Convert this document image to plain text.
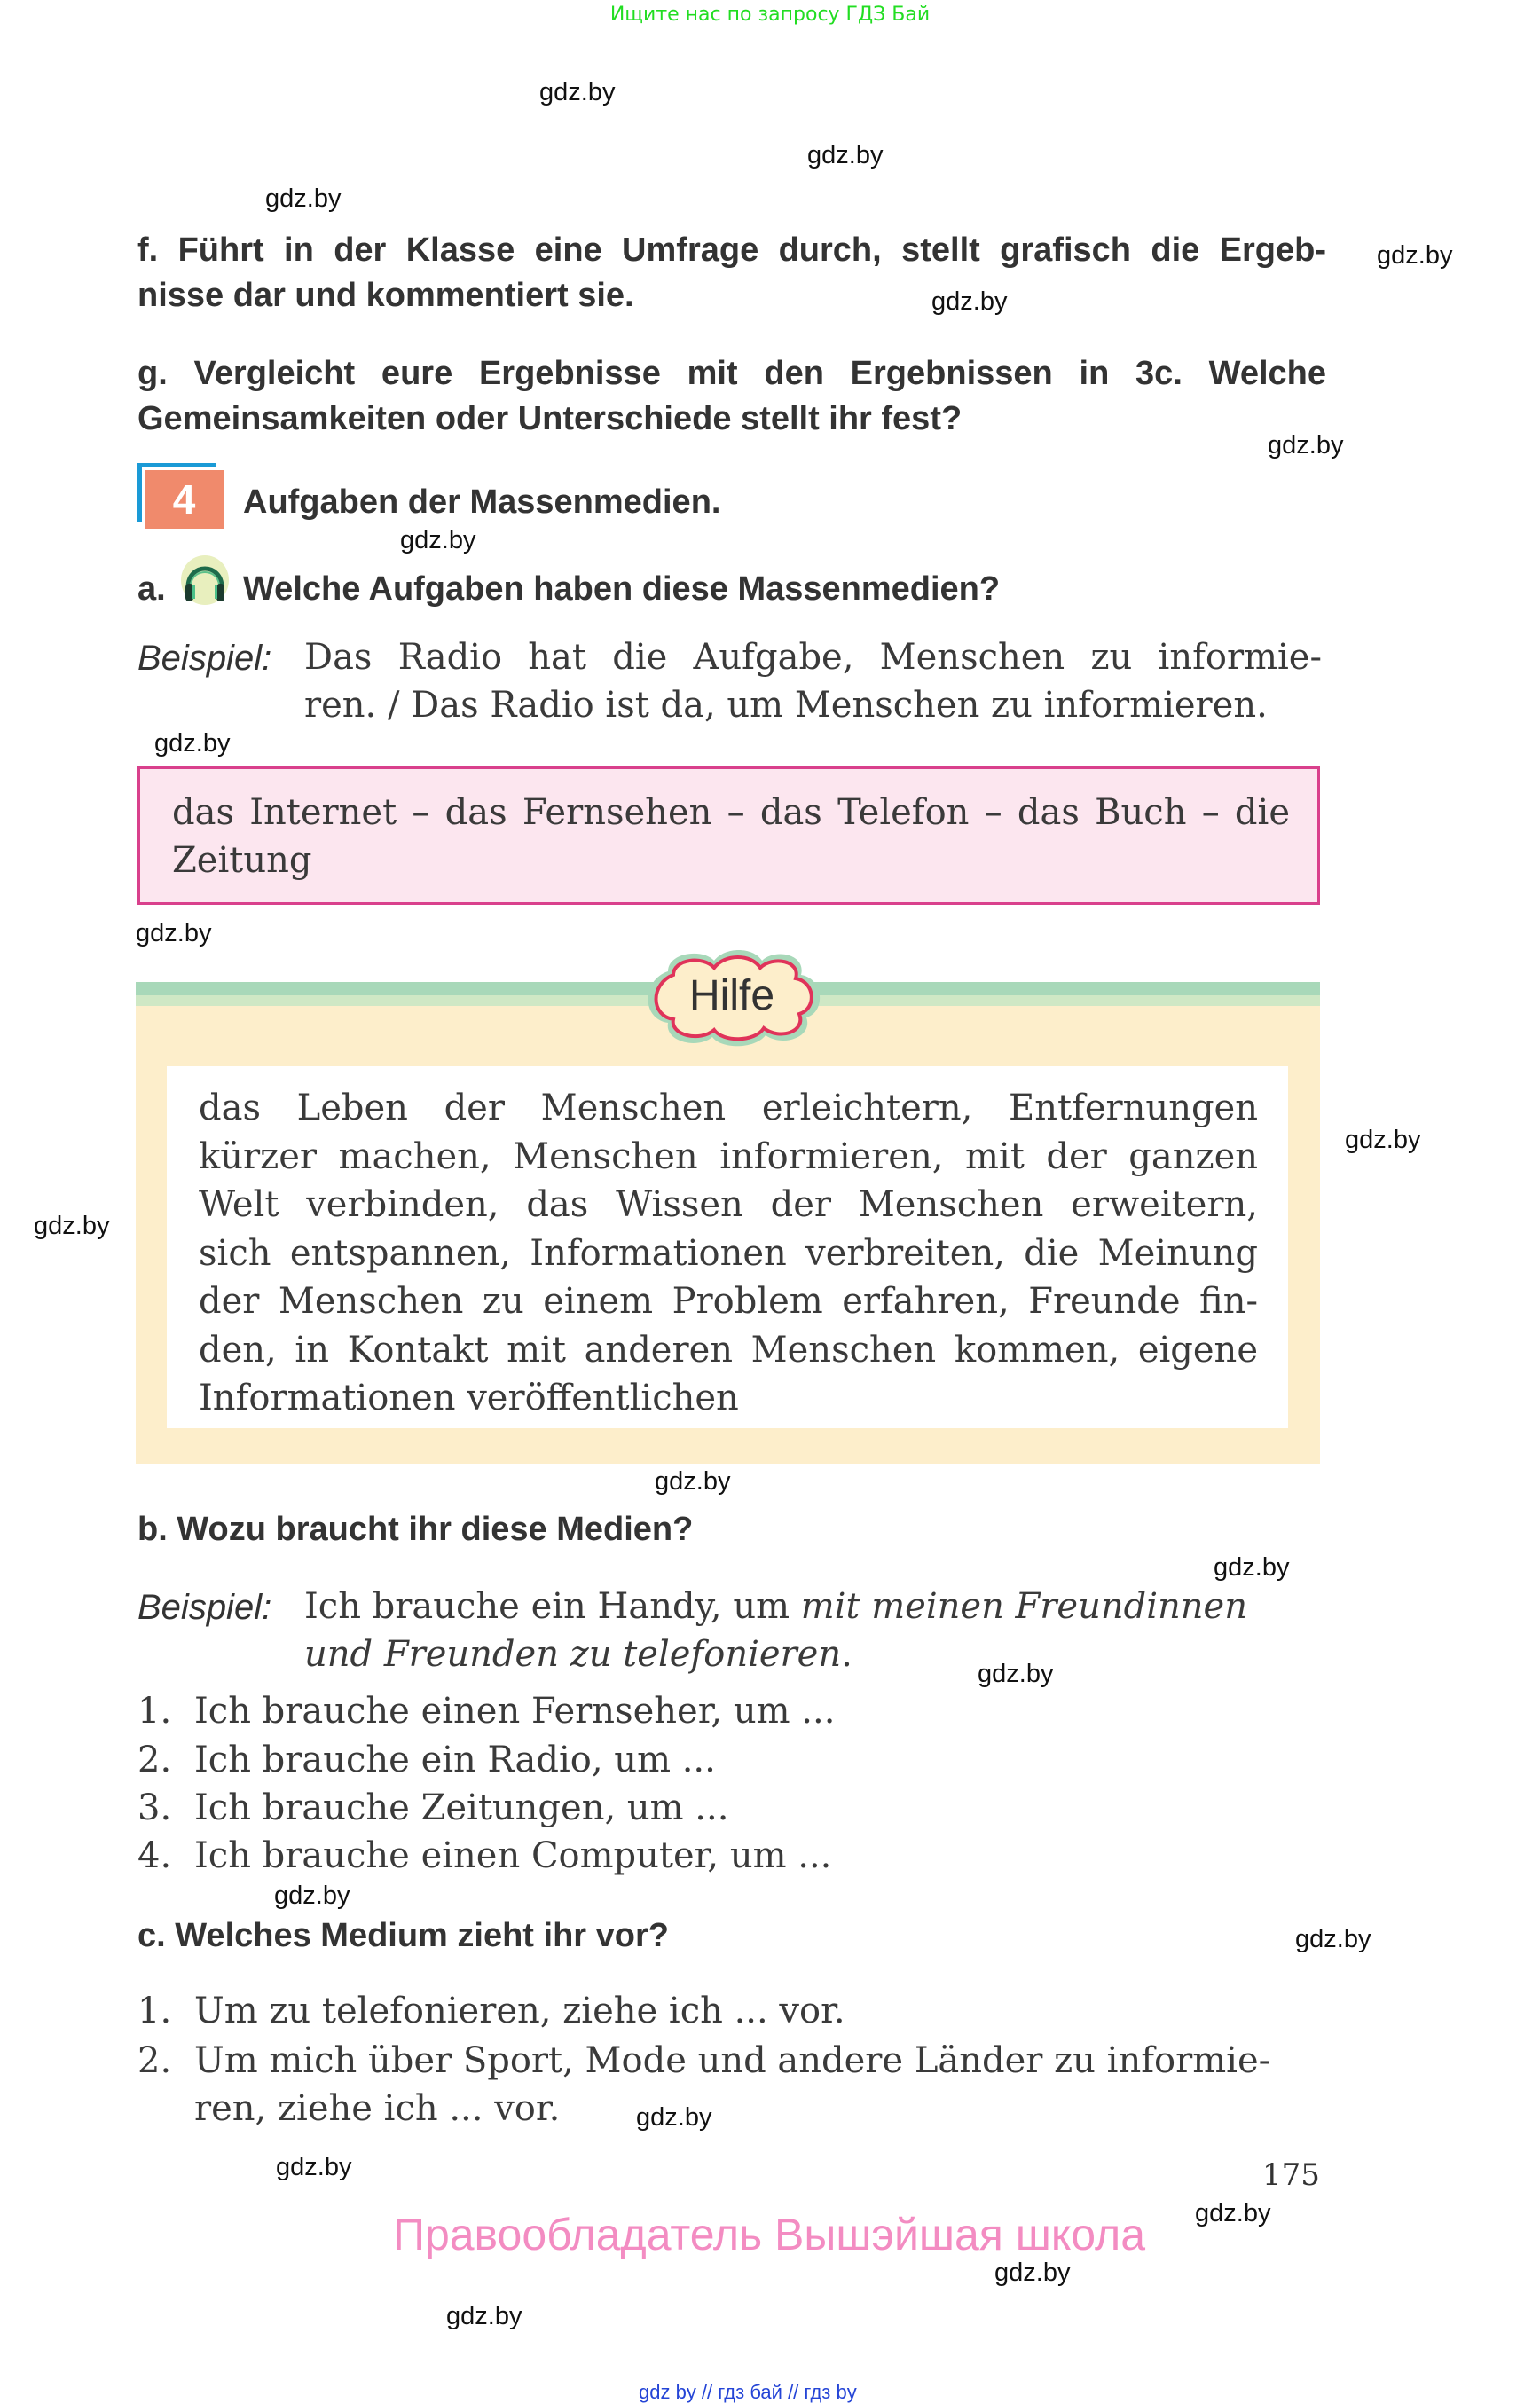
Ищите нас по запросу ГДЗ Бай
gdz.by
gdz.by
gdz.by
gdz.by
gdz.by
gdz.by
gdz.by
gdz.by
gdz.by
gdz.by
gdz.by
gdz.by
gdz.by
gdz.by
gdz.by
gdz.by
gdz.by
gdz.by
gdz.by
gdz.by
gdz.by
f. Führt in der Klasse eine Umfrage durch, stellt grafisch die Ergeb-
nisse dar und kommentiert sie.
g. Vergleicht eure Ergebnisse mit den Ergebnissen in 3c. Welche
Gemeinsamkeiten oder Unterschiede stellt ihr fest?
4	Aufgaben der Massenmedien.
a. Welche Aufgaben haben diese Massenmedien?
Beispiel: Das Radio hat die Aufgabe, Menschen zu informie-
ren. / Das Radio ist da, um Menschen zu informieren.
das Internet – das Fernsehen – das Telefon – das Buch – die Zeitung
das Leben der Menschen erleichtern, Entfernungen
kürzer machen, Menschen informieren, mit der ganzen
Welt verbinden, das Wissen der Menschen erweitern,
sich entspannen, Informationen verbreiten, die Meinung
der Menschen zu einem Problem erfahren, Freunde fin-
den, in Kontakt mit anderen Menschen kommen, eigene
Informationen veröffentlichen
Hilfe
b. Wozu braucht ihr diese Medien?
Beispiel: Ich brauche ein Handy, um mit meinen Freundinnen
und Freunden zu telefonieren.
1. Ich brauche einen Fernseher, um ...
2. Ich brauche ein Radio, um ...
3. Ich brauche Zeitungen, um ...
4. Ich brauche einen Computer, um ...
c. Welches Medium zieht ihr vor?
1. Um zu telefonieren, ziehe ich ... vor.
2. Um mich über Sport, Mode und andere Länder zu informie-
ren, ziehe ich ... vor.
175
Правообладатель Вышэйшая школа
gdz by // гдз бай // гдз by
